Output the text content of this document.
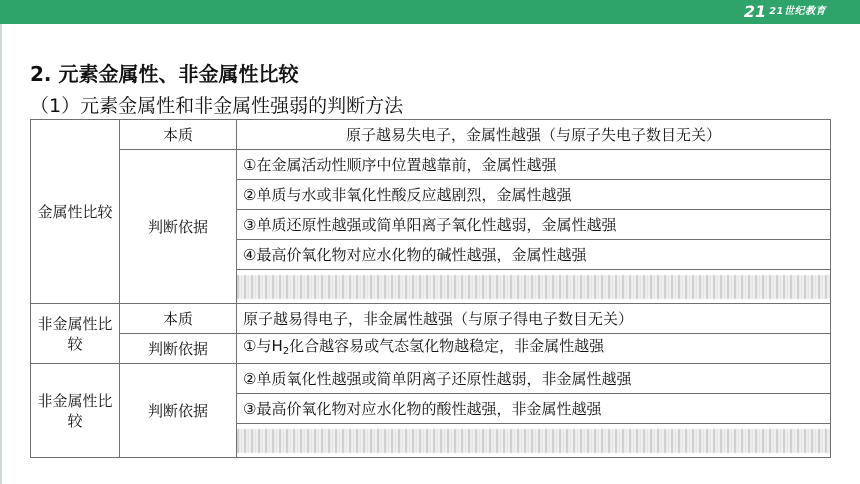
21 21世纪教育
2. 元素金属性、非金属性比较

（1）元素金属性和非金属性强弱的判断方法

金属性比较	本质	原子越易失电子，金属性越强（与原子失电子数目无关）
	判断依据	①在金属活动性顺序中位置越靠前，金属性越强
		②单质与水或非氧化性酸反应越剧烈，金属性越强
		③单质还原性越强或简单阳离子氧化性越弱，金属性越强
		④最高价氧化物对应水化物的碱性越强，金属性越强

非金属性比较	本质	原子越易得电子，非金属性越强（与原子得电子数目无关）
	判断依据	①与$H_2$化合越容易或气态氢化物越稳定，非金属性越强
非金属性比较	判断依据	②单质氧化性越强或简单阴离子还原性越弱，非金属性越强
		③最高价氧化物对应水化物的酸性越强，非金属性越强
